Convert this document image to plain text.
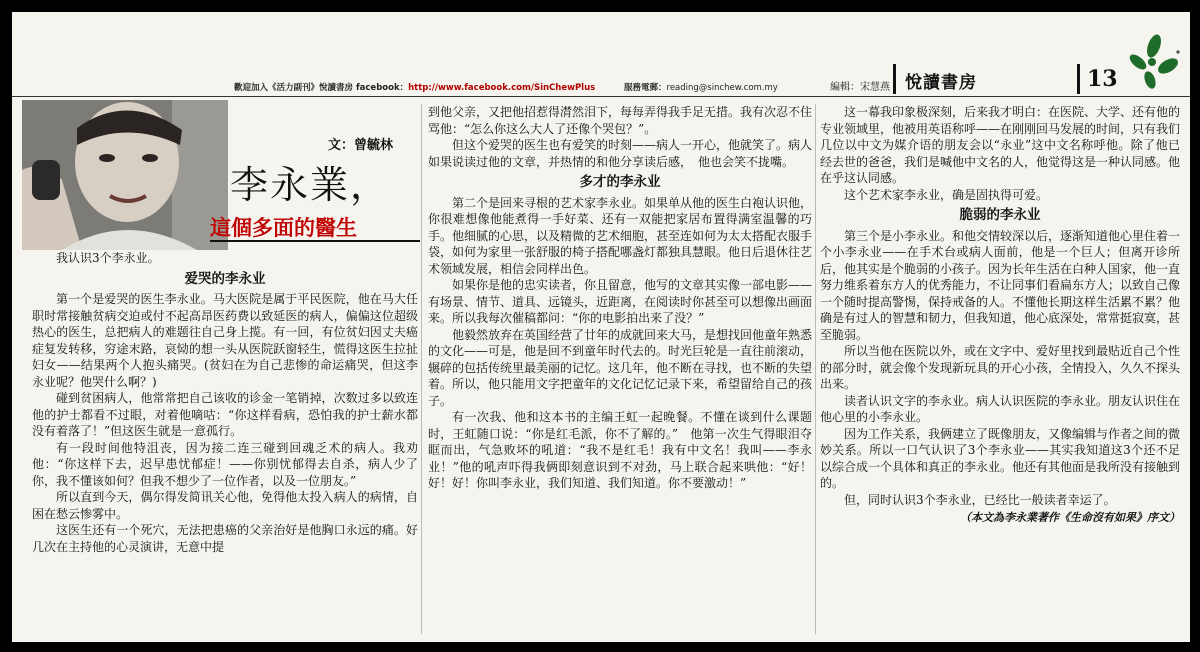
歡迎加入《活力副刊》悅讀書房 facebook：http://www.facebook.com/SinChewPlus	服務電郵：reading@sinchew.com.my	編輯：宋慧燕 悅讀書房	13
文：曾毓林
李永業，
這個多面的醫生

我认识3个李永业。

爱哭的李永业

第一个是爱哭的医生李永业。马大医院是属于平民医院，他在马大任职时常接触贫病交迫或付不起高昂医药费以致延医的病人，偏偏这位超级热心的医生，总把病人的难题往自己身上揽。有一回，有位贫妇因丈夫癌症复发转移，穷途末路，哀恸的想一头从医院跃窗轻生，慌得这医生拉扯妇女——结果两个人抱头痛哭。(贫妇在为自己悲惨的命运痛哭，但这李永业呢？他哭什么啊？)

碰到贫困病人，他常常把自己该收的诊金一笔销掉，次数过多以致连他的护士都看不过眼，对着他嘀咕：“你这样看病，恐怕我的护士薪水都没有着落了！”但这医生就是一意孤行。

有一段时间他特沮丧，因为接二连三碰到回魂乏术的病人。我劝他：“你这样下去，迟早患忧郁症！——你别忧郁得去自杀，病人少了你，我不懂该如何？但我不想少了一位作者，以及一位朋友。”

所以直到今天，偶尔得发简讯关心他，免得他太投入病人的病情，自困在愁云惨雾中。

这医生还有一个死穴，无法把患癌的父亲治好是他胸口永远的痛。好几次在主持他的心灵演讲，无意中提

到他父亲，又把他招惹得潸然泪下，每每弄得我手足无措。我有次忍不住骂他：“怎么你这么大人了还像个哭包？”。

但这个爱哭的医生也有爱笑的时刻——病人一开心，他就笑了。病人如果说读过他的文章，并热情的和他分享读后感，　他也会笑不拢嘴。

多才的李永业

第二个是回来寻根的艺术家李永业。如果单从他的医生白袍认识他，你很难想像他能煮得一手好菜、还有一双能把家居布置得满室温馨的巧手。他细腻的心思，以及精微的艺术细胞，甚至连如何为太太搭配衣服手袋，如何为家里一张舒服的椅子搭配哪盏灯都独具慧眼。他日后退休往艺术领域发展，相信会同样出色。

如果你是他的忠实读者，你且留意，他写的文章其实像一部电影——有场景、情节、道具、远镜头，近距离，在阅读时你甚至可以想像出画面来。所以我每次催稿都问：“你的电影拍出来了没？”

他毅然放弃在英国经营了廿年的成就回来大马，是想找回他童年熟悉的文化——可是，他是回不到童年时代去的。时光巨轮是一直往前滚动，辗碎的包括传统里最美丽的记忆。这几年，他不断在寻找，也不断的失望着。所以，他只能用文字把童年的文化记忆记录下来，希望留给自己的孩子。

有一次我、他和这本书的主编王虹一起晚餐。不懂在谈到什么课题时，王虹随口说：“你是红毛派，你不了解的。”　他第一次生气得眼泪夺眶而出，气急败坏的吼道：“我不是红毛！我有中文名！我叫——李永业！”他的吼声吓得我俩即刻意识到不对劲，马上联合起来哄他：“好！好！好！你叫李永业，我们知道、我们知道。你不要激动！”

这一幕我印象极深刻，后来我才明白：在医院、大学、还有他的专业领域里，他被用英语称呼——在刚刚回马发展的时间，只有我们几位以中文为媒介语的朋友会以“永业”这中文名称呼他。除了他已经去世的爸爸，我们是喊他中文名的人，他觉得这是一种认同感。他在乎这认同感。

这个艺术家李永业，确是固执得可爱。

脆弱的李永业

第三个是小李永业。和他交情较深以后，逐渐知道他心里住着一个小李永业——在手术台或病人面前，他是一个巨人；但离开诊所后，他其实是个脆弱的小孩子。因为长年生活在白种人国家，他一直努力维系着东方人的优秀能力，不让同事们看扁东方人；以致自己像一个随时提高警惕，保持戒备的人。不懂他长期这样生活累不累？他确是有过人的智慧和韧力，但我知道，他心底深处，常常挺寂寞，甚至脆弱。

所以当他在医院以外，或在文字中、爱好里找到最贴近自己个性的部分时，就会像个发现新玩具的开心小孩，全情投入，久久不探头出来。

读者认识文字的李永业。病人认识医院的李永业。朋友认识住在他心里的小李永业。

因为工作关系，我俩建立了既像朋友，又像编辑与作者之间的微妙关系。所以一口气认识了3个李永业——其实我知道这3个还不足以综合成一个具体和真正的李永业。他还有其他面是我所没有接触到的。

但，同时认识3个李永业，已经比一般读者幸运了。

（本文為李永業著作《生命沒有如果》序文）
